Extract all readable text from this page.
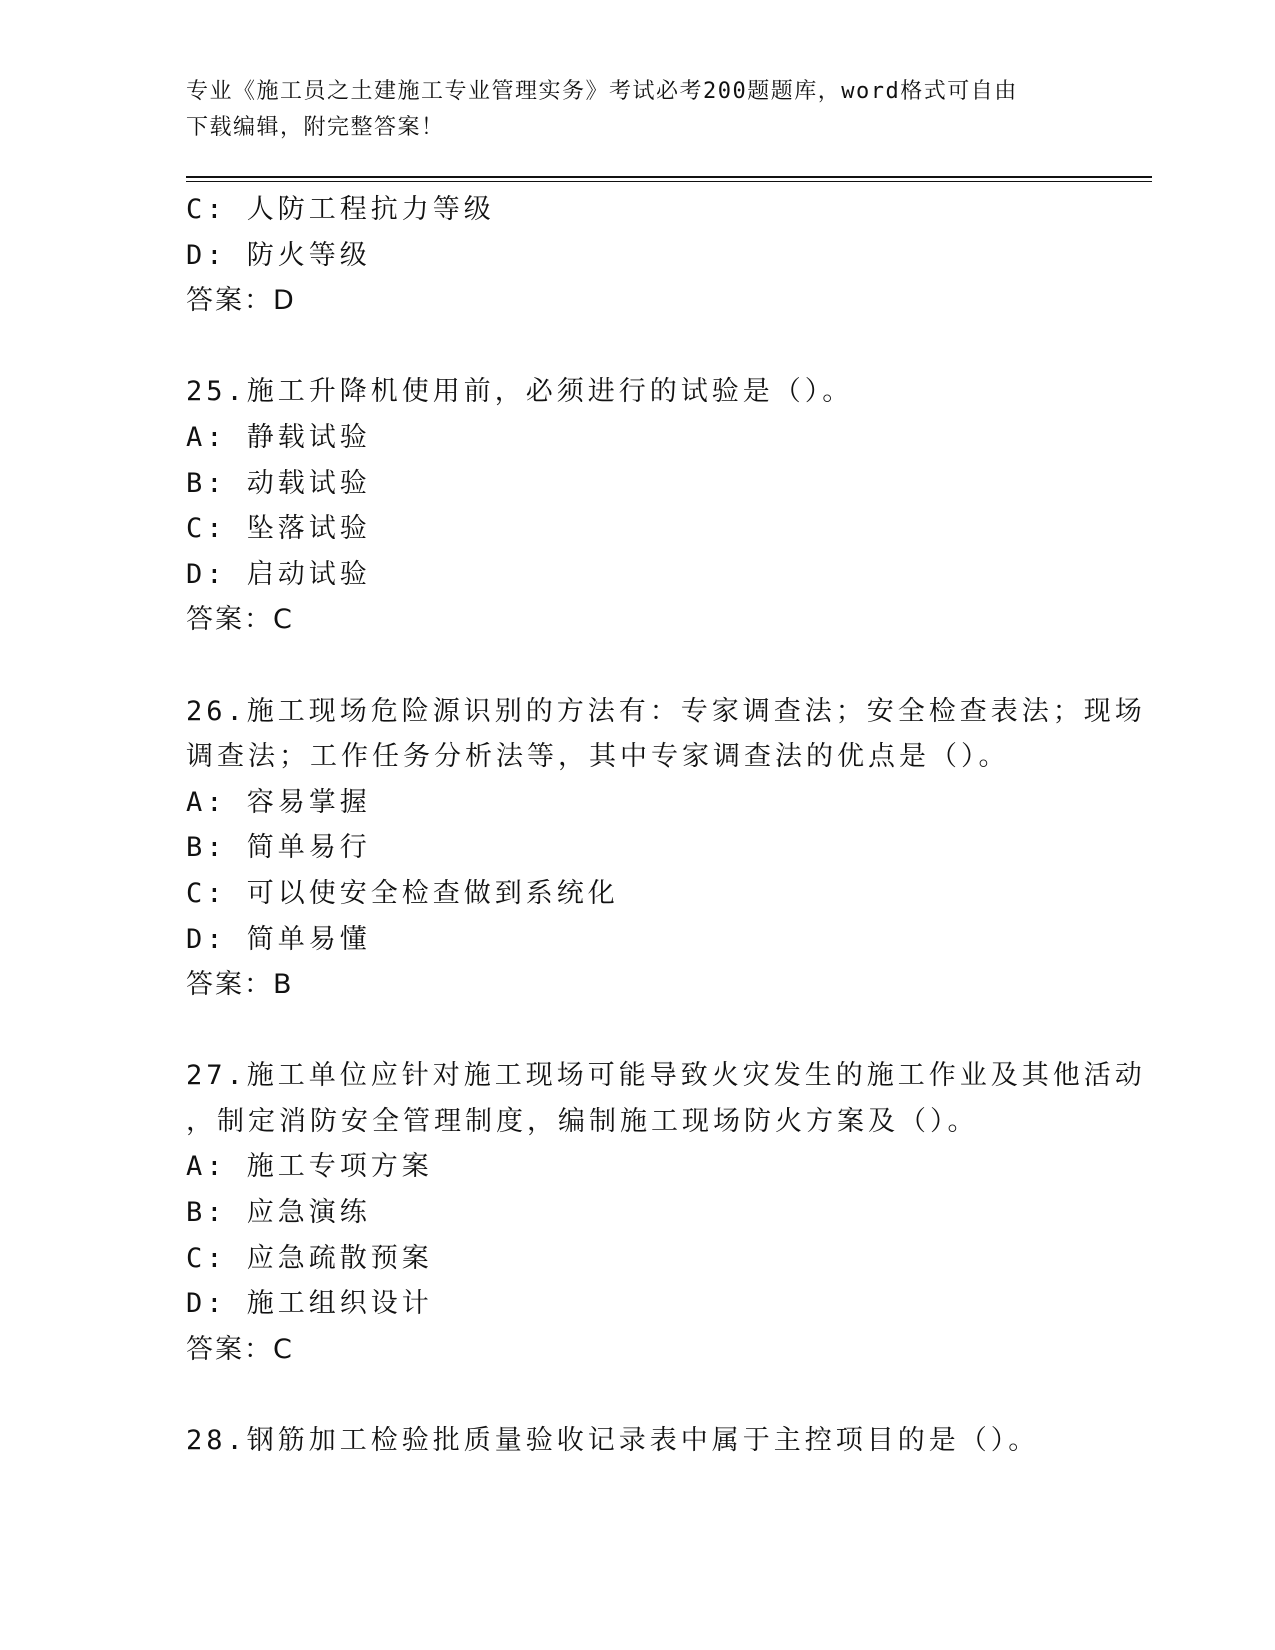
专业《施工员之土建施工专业管理实务》考试必考200题题库，word格式可自由
下载编辑，附完整答案！
C: 人防工程抗力等级
D: 防火等级
答案：D
25.施工升降机使用前，必须进行的试验是（）。
A: 静载试验
B: 动载试验
C: 坠落试验
D: 启动试验
答案：C
26.施工现场危险源识别的方法有：专家调查法；安全检查表法；现场
调查法；工作任务分析法等，其中专家调查法的优点是（）。
A: 容易掌握
B: 简单易行
C: 可以使安全检查做到系统化
D: 简单易懂
答案：B
27.施工单位应针对施工现场可能导致火灾发生的施工作业及其他活动
，制定消防安全管理制度，编制施工现场防火方案及（）。
A: 施工专项方案
B: 应急演练
C: 应急疏散预案
D: 施工组织设计
答案：C
28.钢筋加工检验批质量验收记录表中属于主控项目的是（）。
